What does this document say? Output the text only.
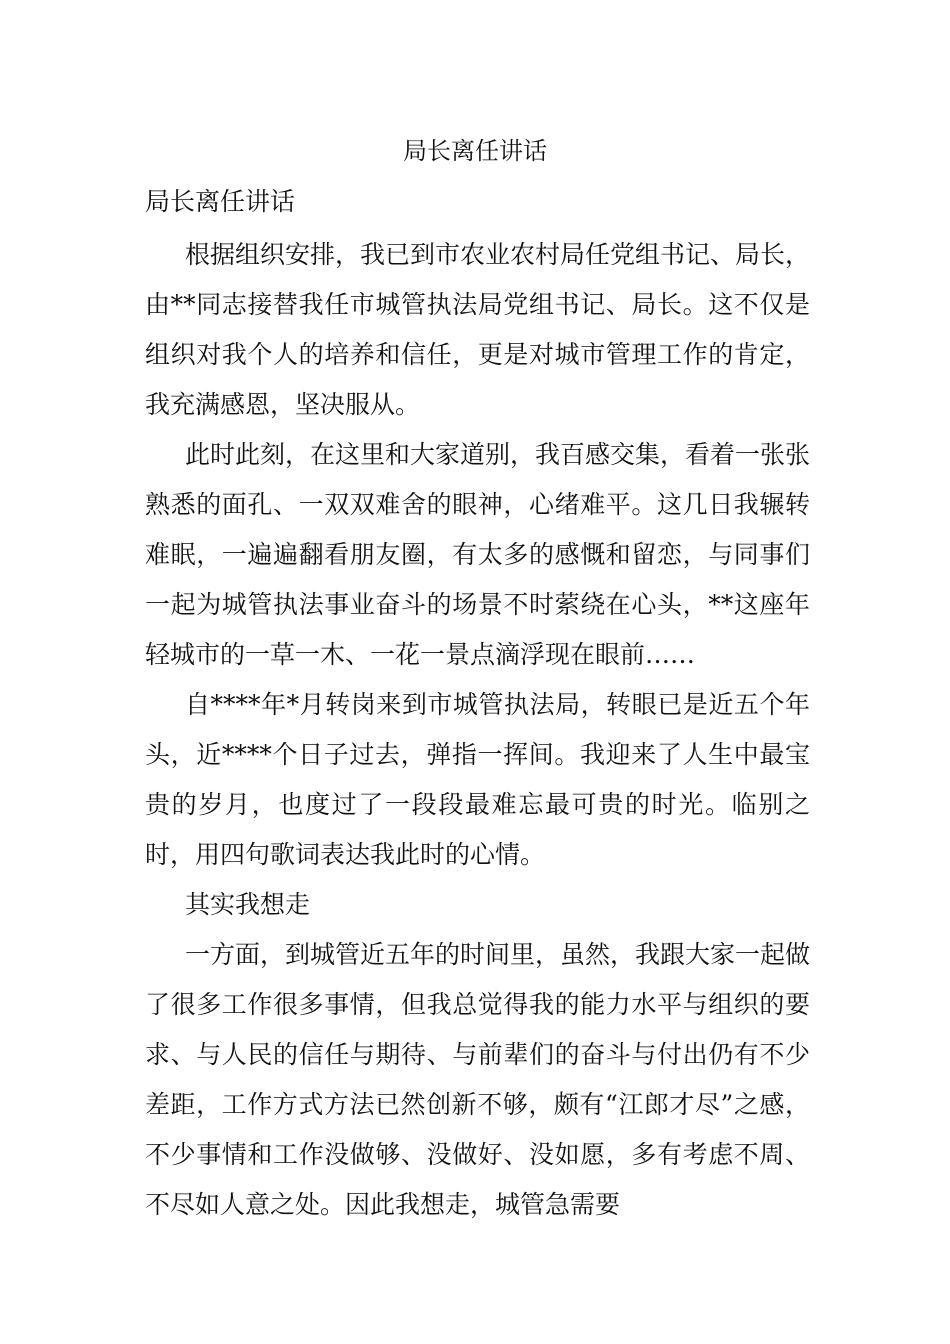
局长离任讲话

局长离任讲话

根据组织安排，我已到市农业农村局任党组书记、局长，由**同志接替我任市城管执法局党组书记、局长。这不仅是组织对我个人的培养和信任，更是对城市管理工作的肯定，我充满感恩，坚决服从。

此时此刻，在这里和大家道别，我百感交集，看着一张张熟悉的面孔、一双双难舍的眼神，心绪难平。这几日我辗转难眠，一遍遍翻看朋友圈，有太多的感慨和留恋，与同事们一起为城管执法事业奋斗的场景不时萦绕在心头，**这座年轻城市的一草一木、一花一景点滴浮现在眼前……

自****年*月转岗来到市城管执法局，转眼已是近五个年头，近****个日子过去，弹指一挥间。我迎来了人生中最宝贵的岁月，也度过了一段段最难忘最可贵的时光。临别之时，用四句歌词表达我此时的心情。

其实我想走

一方面，到城管近五年的时间里，虽然，我跟大家一起做了很多工作很多事情，但我总觉得我的能力水平与组织的要求、与人民的信任与期待、与前辈们的奋斗与付出仍有不少差距，工作方式方法已然创新不够，颇有“江郎才尽”之感，不少事情和工作没做够、没做好、没如愿，多有考虑不周、不尽如人意之处。因此我想走，城管急需要
